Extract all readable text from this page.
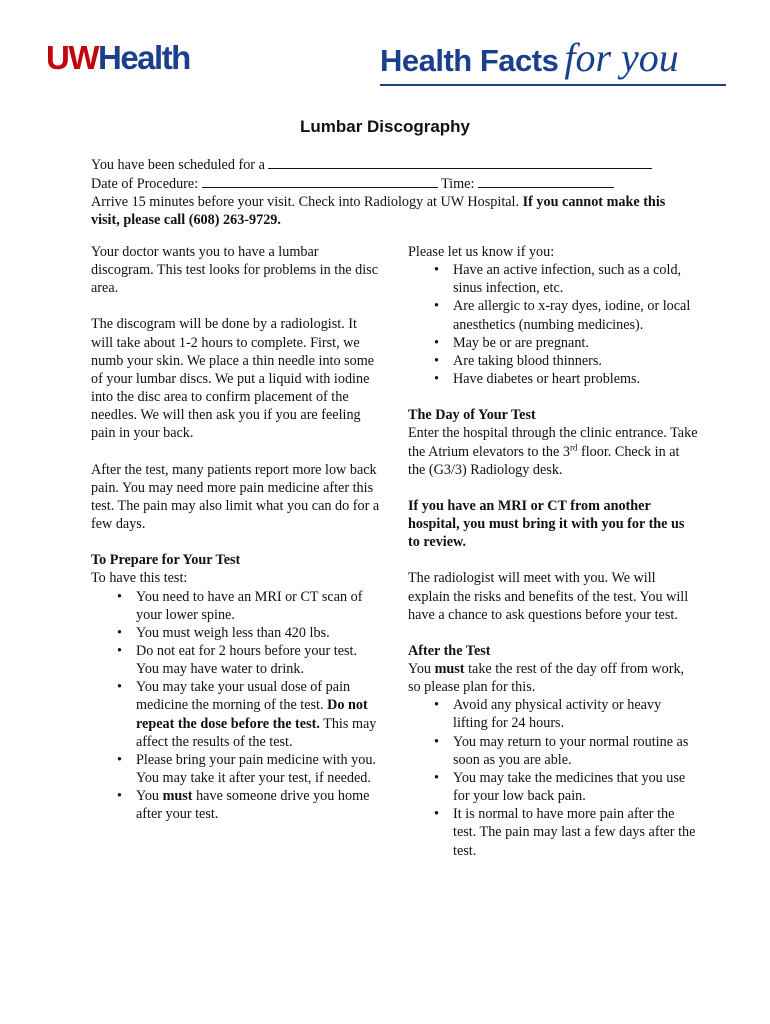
UWHealth	Health Facts for you
Lumbar Discography
You have been scheduled for a
Date of Procedure:	Time:
Arrive 15 minutes before your visit. Check into Radiology at UW Hospital. If you cannot make this visit, please call (608) 263-9729.

Your doctor wants you to have a lumbar discogram. This test looks for problems in the disc area.

The discogram will be done by a radiologist. It will take about 1-2 hours to complete. First, we numb your skin. We place a thin needle into some of your lumbar discs. We put a liquid with iodine into the disc area to confirm placement of the needles. We will then ask you if you are feeling pain in your back.

After the test, many patients report more low back pain. You may need more pain medicine after this test. The pain may also limit what you can do for a few days.

To Prepare for Your Test

To have this test:

• You need to have an MRI or CT scan of your lower spine.
• You must weigh less than 420 lbs.
• Do not eat for 2 hours before your test. You may have water to drink.
• You may take your usual dose of pain medicine the morning of the test. Do not repeat the dose before the test. This may affect the results of the test.
• Please bring your pain medicine with you. You may take it after your test, if needed.
• You must have someone drive you home after your test.

Please let us know if you:

• Have an active infection, such as a cold, sinus infection, etc.
• Are allergic to x-ray dyes, iodine, or local anesthetics (numbing medicines).
• May be or are pregnant.
• Are taking blood thinners.
• Have diabetes or heart problems.

The Day of Your Test

Enter the hospital through the clinic entrance. Take the Atrium elevators to the 3rd floor. Check in at the (G3/3) Radiology desk.

If you have an MRI or CT from another hospital, you must bring it with you for the us to review.

The radiologist will meet with you. We will explain the risks and benefits of the test. You will have a chance to ask questions before your test.

After the Test

You must take the rest of the day off from work, so please plan for this.

• Avoid any physical activity or heavy lifting for 24 hours.
• You may return to your normal routine as soon as you are able.
• You may take the medicines that you use for your low back pain.
• It is normal to have more pain after the test. The pain may last a few days after the test.
